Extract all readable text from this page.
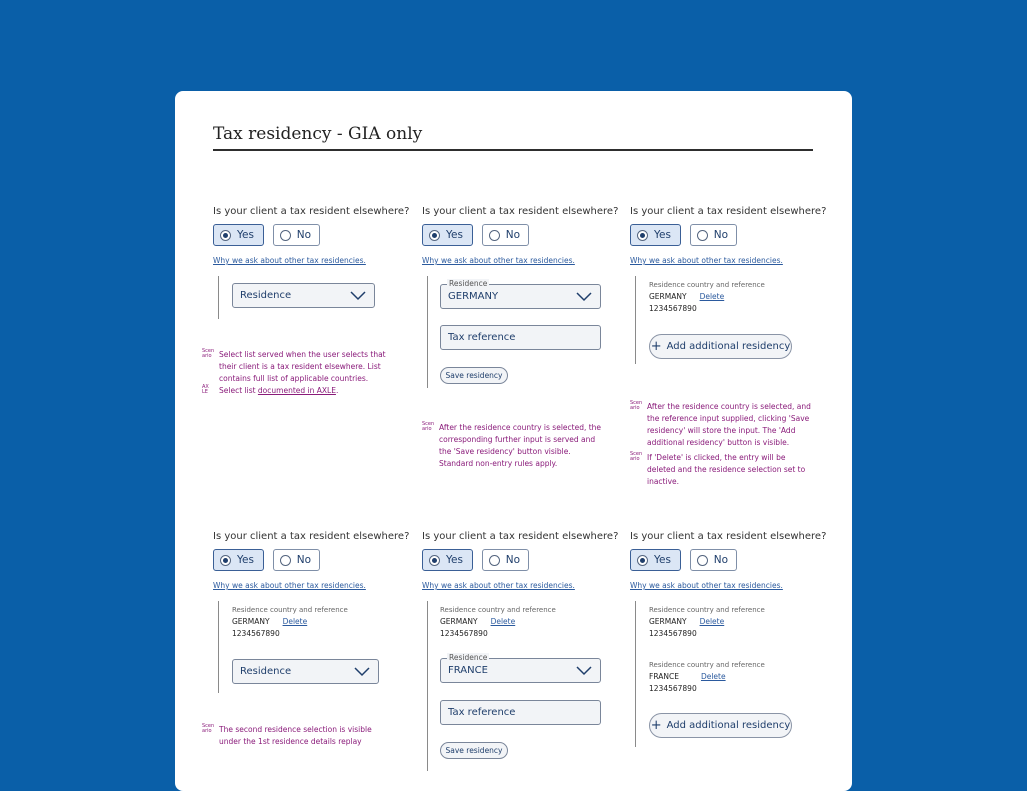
Tax residency - GIA only
Is your client a tax resident elsewhere?
Yes	No
Why we ask about other tax residencies.
Residence
Scen ario Select list served when the user selects that their client is a tax resident elsewhere. List contains full list of applicable countries.
AX LE	Select list documented in AXLE.
Is your client a tax resident elsewhere?
Yes	No
Why we ask about other tax residencies.
Residence
GERMANY
Tax reference
Save residency
Scen ario After the residence country is selected, the corresponding further input is served and the 'Save residency' button visible. Standard non-entry rules apply.
Is your client a tax resident elsewhere?
Yes	No
Why we ask about other tax residencies.
Residence country and reference
GERMANY Delete
1234567890
+ Add additional residency
Scen ario After the residence country is selected, and the reference input supplied, clicking 'Save residency' will store the input. The 'Add additional residency' button is visible.
Scen ario If 'Delete' is clicked, the entry will be deleted and the residence selection set to inactive.
Is your client a tax resident elsewhere?
Yes	No
Why we ask about other tax residencies.
Residence country and reference
GERMANY Delete
1234567890
Residence
Scen ario The second residence selection is visible under the 1st residence details replay
Is your client a tax resident elsewhere?
Yes	No
Why we ask about other tax residencies.
Residence country and reference
GERMANY Delete
1234567890
Residence
FRANCE
Tax reference
Save residency
Is your client a tax resident elsewhere?
Yes	No
Why we ask about other tax residencies.
Residence country and reference
GERMANY Delete
1234567890
Residence country and reference
FRANCE	Delete
1234567890
+ Add additional residency
